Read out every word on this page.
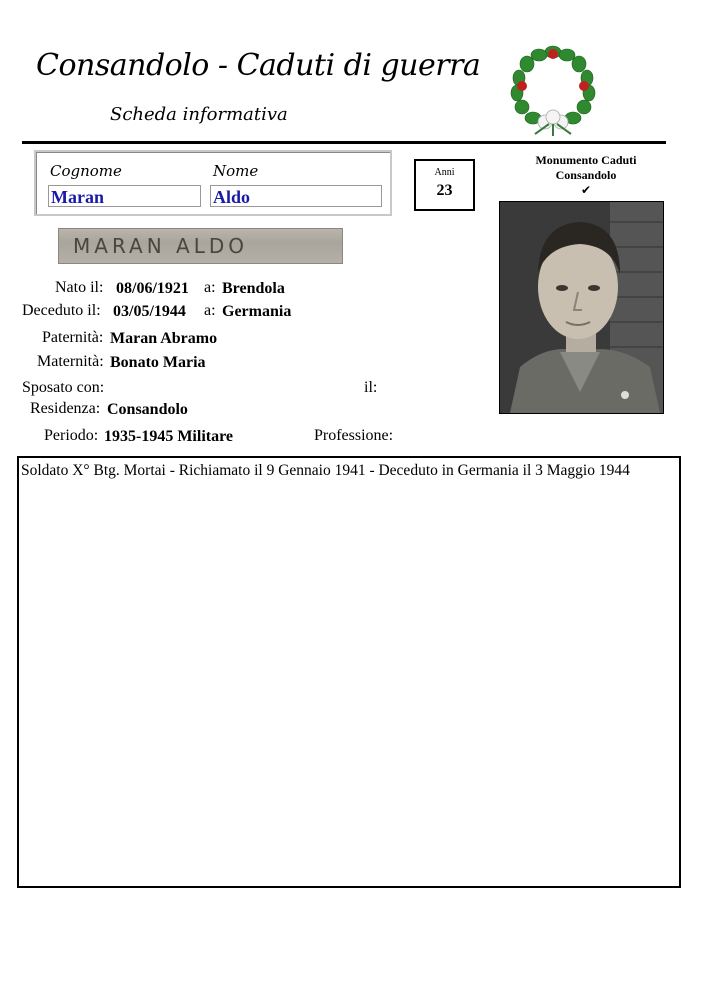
Consandolo - Caduti di guerra
Scheda informativa
Cognome	Nome
Maran	Aldo
Anni
23
Monumento Caduti
Consandolo
✔
MARAN ALDO
Nato il: 08/06/1921 a: Brendola
Deceduto il: 03/05/1944 a: Germania
Paternità: Maran Abramo
Maternità: Bonato Maria
Sposato con:	il:
Residenza: Consandolo
Periodo: 1935-1945 Militare	Professione:
Soldato X° Btg. Mortai - Richiamato il 9 Gennaio 1941 - Deceduto in Germania il 3 Maggio 1944
